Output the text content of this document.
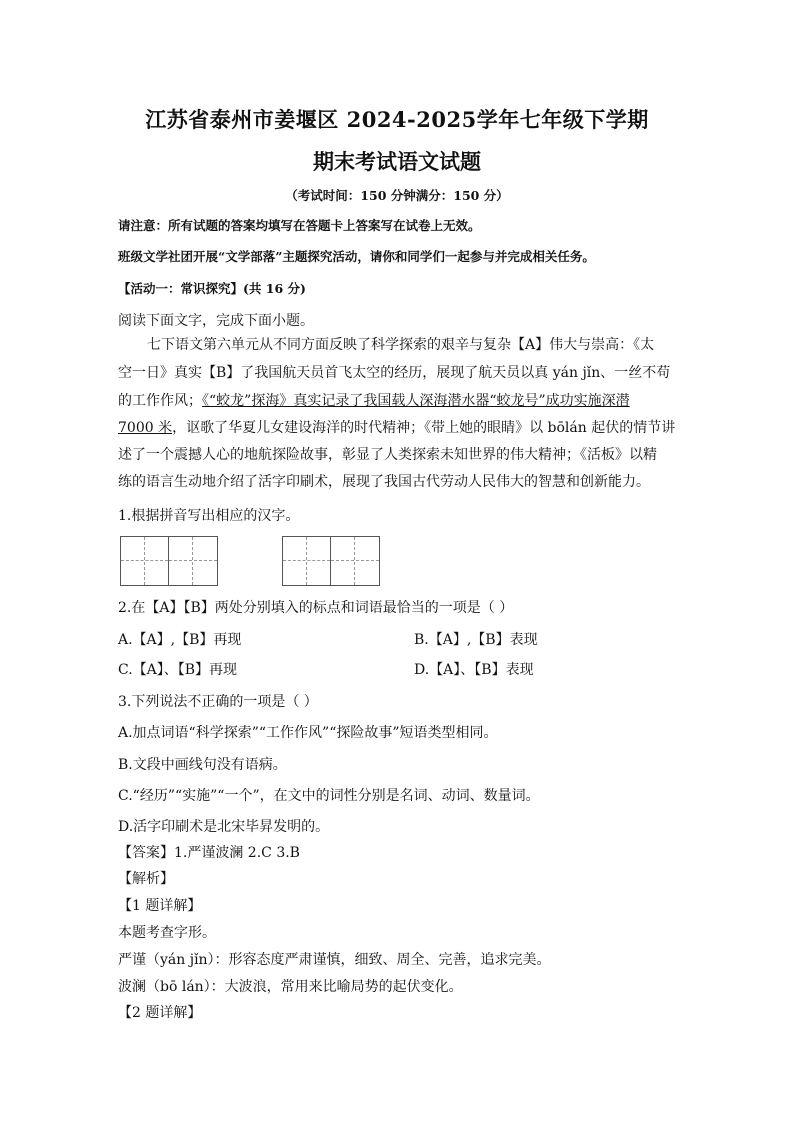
江苏省泰州市姜堰区 2024-2025学年七年级下学期
期末考试语文试题
（考试时间：150 分钟满分：150 分）
请注意：所有试题的答案均填写在答题卡上答案写在试卷上无效。
班级文学社团开展“文学部落”主题探究活动，请你和同学们一起参与并完成相关任务。
【活动一：常识探究】(共 16 分)
阅读下面文字，完成下面小题。
七下语文第六单元从不同方面反映了科学探索的艰辛与复杂【A】伟大与崇高：《太
空一日》真实【B】了我国航天员首飞太空的经历，展现了航天员以真 yán jǐn、一丝不苟
的工作作风；《“蛟龙”探海》真实记录了我国载人深海潜水器“蛟龙号”成功实施深潜
7000 米，讴歌了华夏儿女建设海洋的时代精神；《带上她的眼睛》以 bōlán 起伏的情节讲
述了一个震撼人心的地航探险故事，彰显了人类探索未知世界的伟大精神；《活板》以精
练的语言生动地介绍了活字印刷术，展现了我国古代劳动人民伟大的智慧和创新能力。
1.根据拼音写出相应的汉字。
2.在【A】【B】两处分别填入的标点和词语最恰当的一项是（ ）
A.【A】,【B】再现	B.【A】,【B】表现
C.【A】、【B】再现	D.【A】、【B】表现
3.下列说法不正确的一项是（ ）
A.加点词语“科学探索”“工作作风”“探险故事”短语类型相同。
B.文段中画线句没有语病。
C.“经历”“实施”“一个”，在文中的词性分别是名词、动词、数量词。
D.活字印刷术是北宋毕昇发明的。
【答案】1.严谨波澜 2.C 3.B
【解析】
【1 题详解】
本题考查字形。
严谨（yán jǐn）：形容态度严肃谨慎，细致、周全、完善，追求完美。
波澜（bō lán）：大波浪，常用来比喻局势的起伏变化。
【2 题详解】
